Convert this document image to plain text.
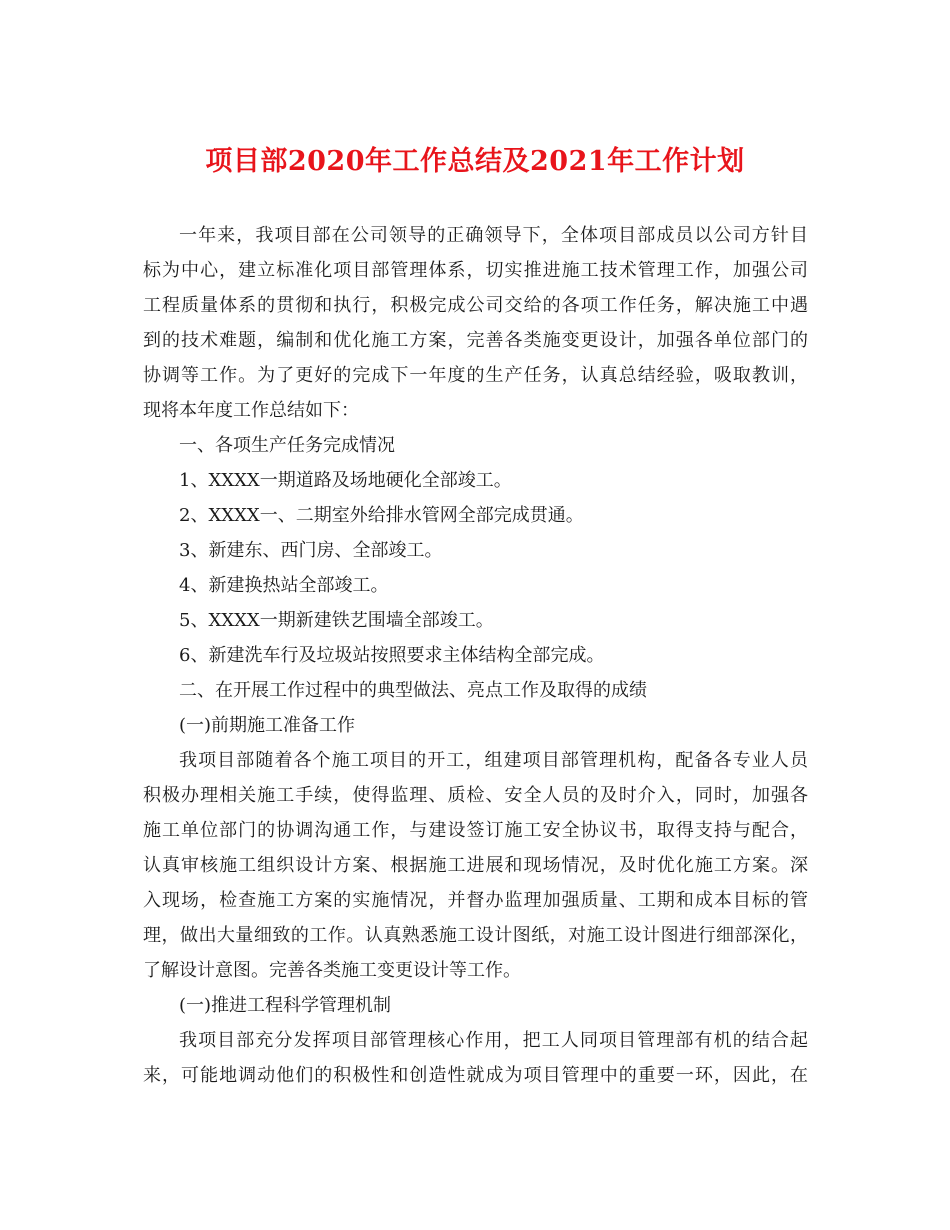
项目部2020年工作总结及2021年工作计划
一年来，我项目部在公司领导的正确领导下，全体项目部成员以公司方针目
标为中心，建立标准化项目部管理体系，切实推进施工技术管理工作，加强公司
工程质量体系的贯彻和执行，积极完成公司交给的各项工作任务，解决施工中遇
到的技术难题，编制和优化施工方案，完善各类施变更设计，加强各单位部门的
协调等工作。为了更好的完成下一年度的生产任务，认真总结经验，吸取教训，
现将本年度工作总结如下：
一、各项生产任务完成情况
1、XXXX一期道路及场地硬化全部竣工。
2、XXXX一、二期室外给排水管网全部完成贯通。
3、新建东、西门房、全部竣工。
4、新建换热站全部竣工。
5、XXXX一期新建铁艺围墙全部竣工。
6、新建洗车行及垃圾站按照要求主体结构全部完成。
二、在开展工作过程中的典型做法、亮点工作及取得的成绩
(一)前期施工准备工作
我项目部随着各个施工项目的开工，组建项目部管理机构，配备各专业人员
积极办理相关施工手续，使得监理、质检、安全人员的及时介入，同时，加强各
施工单位部门的协调沟通工作，与建设签订施工安全协议书，取得支持与配合，
认真审核施工组织设计方案、根据施工进展和现场情况，及时优化施工方案。深
入现场，检查施工方案的实施情况，并督办监理加强质量、工期和成本目标的管
理，做出大量细致的工作。认真熟悉施工设计图纸，对施工设计图进行细部深化，
了解设计意图。完善各类施工变更设计等工作。
(一)推进工程科学管理机制
我项目部充分发挥项目部管理核心作用，把工人同项目管理部有机的结合起
来，可能地调动他们的积极性和创造性就成为项目管理中的重要一环，因此，在
